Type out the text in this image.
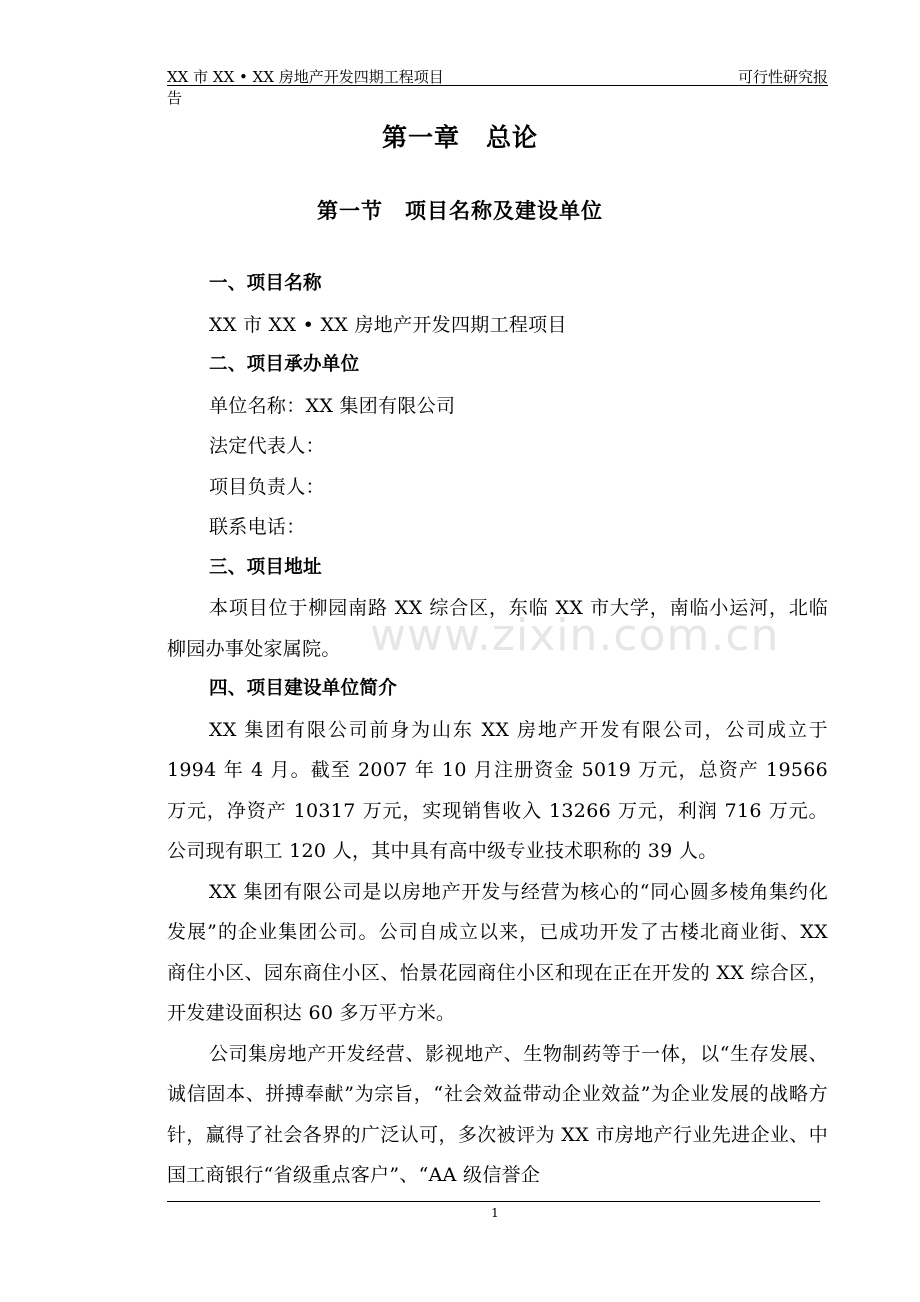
XX 市 XX • XX 房地产开发四期工程项目	可行性研究报
告
www.zixin.com.cn
第一章　总论
第一节　项目名称及建设单位
一、项目名称
XX 市 XX • XX 房地产开发四期工程项目
二、项目承办单位
单位名称：XX 集团有限公司
法定代表人：
项目负责人：
联系电话：
三、项目地址
本项目位于柳园南路 XX 综合区，东临 XX 市大学，南临小运河，北临柳园办事处家属院。
四、项目建设单位简介
XX 集团有限公司前身为山东 XX 房地产开发有限公司，公司成立于 1994 年 4 月。截至 2007 年 10 月注册资金 5019 万元，总资产 19566 万元，净资产 10317 万元，实现销售收入 13266 万元，利润 716 万元。公司现有职工 120 人，其中具有高中级专业技术职称的 39 人。
XX 集团有限公司是以房地产开发与经营为核心的“同心圆多棱角集约化发展”的企业集团公司。公司自成立以来，已成功开发了古楼北商业街、XX 商住小区、园东商住小区、怡景花园商住小区和现在正在开发的 XX 综合区，开发建设面积达 60 多万平方米。
公司集房地产开发经营、影视地产、生物制药等于一体，以“生存发展、诚信固本、拼搏奉献”为宗旨，“社会效益带动企业效益”为企业发展的战略方针，赢得了社会各界的广泛认可，多次被评为 XX 市房地产行业先进企业、中国工商银行“省级重点客户”、“AA 级信誉企
1
